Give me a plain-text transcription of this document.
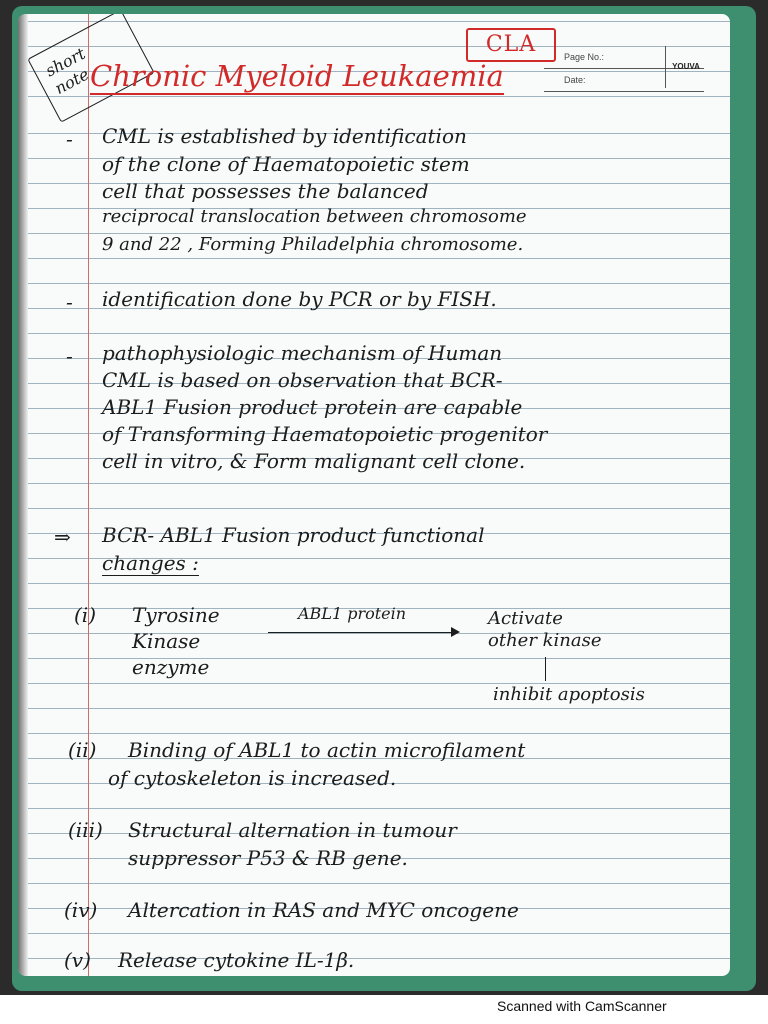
short note
CLA	Page No.:
Date:
YOUVA
Chronic Myeloid Leukaemia
- CML is established by identification
of the clone of Haematopoietic stem
cell that possesses the balanced
reciprocal translocation between chromosome
9 and 22 , Forming Philadelphia chromosome.
- identification done by PCR or by FISH.
- pathophysiologic mechanism of Human
CML is based on observation that BCR-
ABL1 Fusion product protein are capable
of Transforming Haematopoietic progenitor
cell in vitro, & Form malignant cell clone.
⇒ BCR- ABL1 Fusion product functional
changes :
(i) Tyrosine
Kinase
enzyme
ABL1 protein	Activate
other kinase
inhibit apoptosis
(ii) Binding of ABL1 to actin microfilament
of cytoskeleton is increased.
(iii) Structural alternation in tumour
suppressor P53 & RB gene.
(iv) Altercation in RAS and MYC oncogene
(v) Release cytokine IL-1β.
Scanned with CamScanner
